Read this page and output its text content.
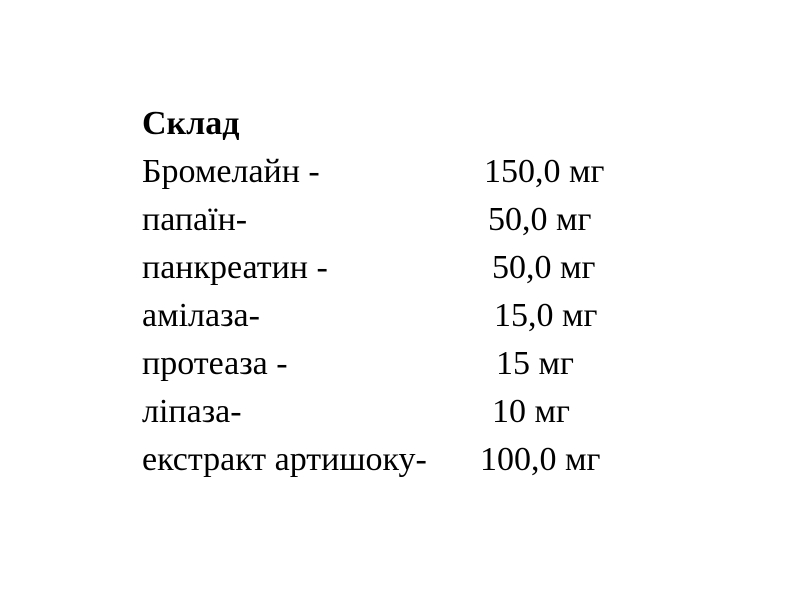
Склад
Бромелайн -	150,0 мг
папаїн-	50,0 мг
панкреатин -	50,0 мг
амілаза-	15,0 мг
протеаза -	15 мг
ліпаза-	10 мг
екстракт артишоку- 100,0 мг
